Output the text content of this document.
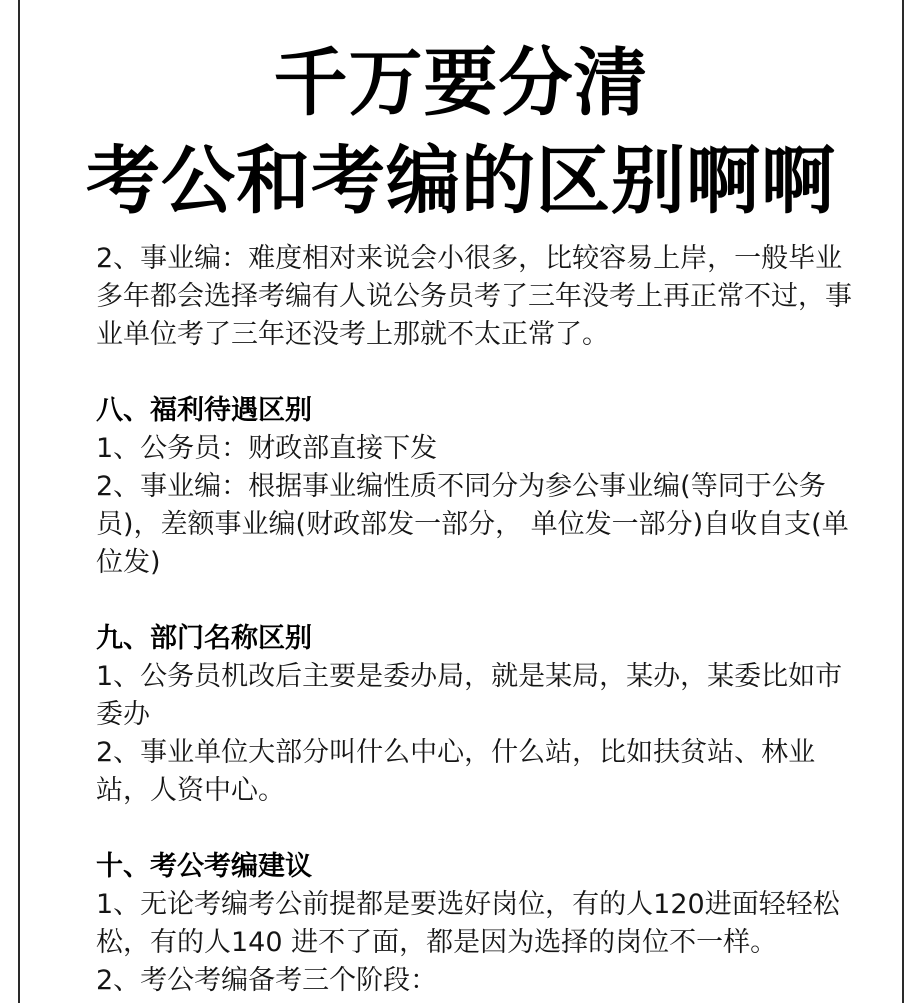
千万要分清
考公和考编的区别啊啊

2、事业编：难度相对来说会小很多，比较容易上岸，一般毕业多年都会选择考编有人说公务员考了三年没考上再正常不过，事业单位考了三年还没考上那就不太正常了。

八、福利待遇区别

1、公务员：财政部直接下发

2、事业编：根据事业编性质不同分为参公事业编(等同于公务员)，差额事业编(财政部发一部分， 单位发一部分)自收自支(单位发)

九、部门名称区别

1、公务员机改后主要是委办局，就是某局，某办，某委比如市委办

2、事业单位大部分叫什么中心，什么站，比如扶贫站、林业站，人资中心。

十、考公考编建议

1、无论考编考公前提都是要选好岗位，有的人120进面轻轻松松，有的人140 进不了面，都是因为选择的岗位不一样。

2、考公考编备考三个阶段：
